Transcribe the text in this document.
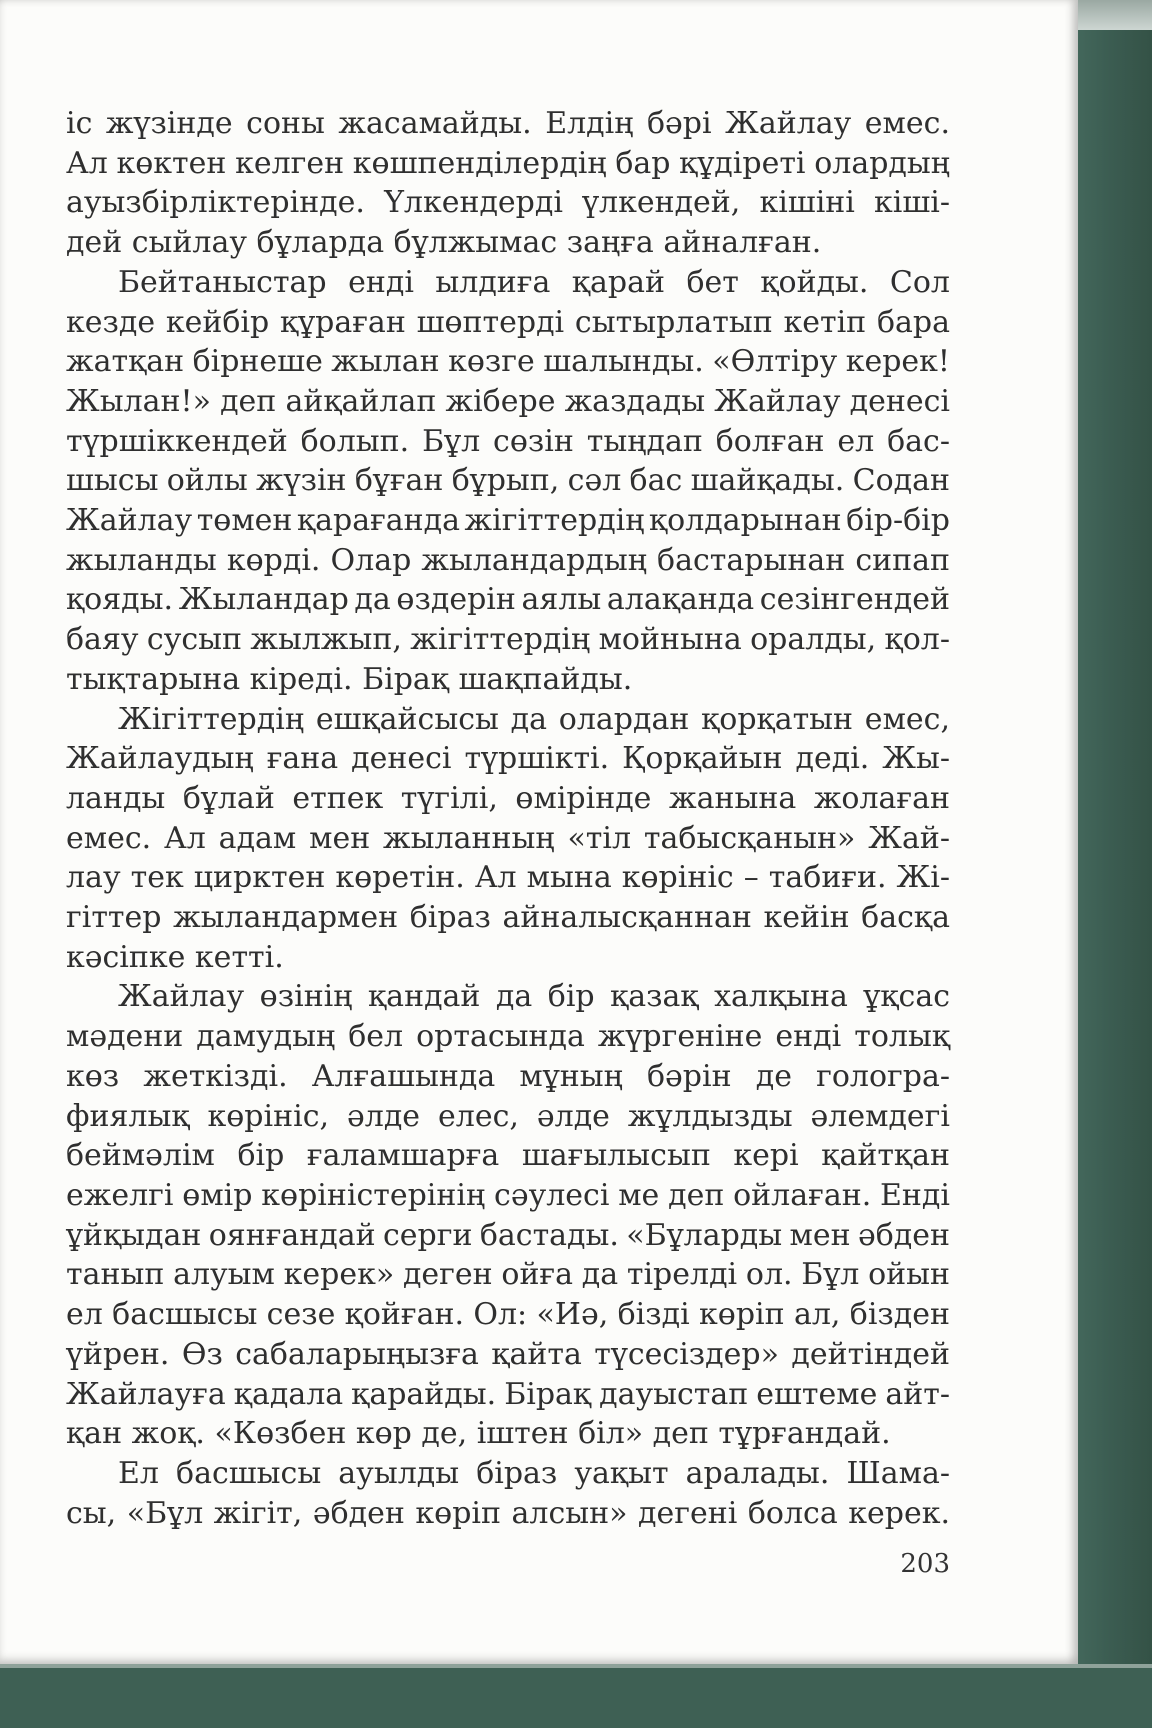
іс жүзінде соны жасамайды. Елдің бәрі Жайлау емес.

Ал көктен келген көшпенділердің бар құдіреті олардың

ауызбірліктерінде. Үлкендерді үлкендей, кішіні кіші-

дей сыйлау бұларда бұлжымас заңға айналған.

Бейтаныстар енді ылдиға қарай бет қойды. Сол

кезде кейбір құраған шөптерді сытырлатып кетіп бара

жатқан бірнеше жылан көзге шалынды. «Өлтіру керек!

Жылан!» деп айқайлап жібере жаздады Жайлау денесі

түршіккендей болып. Бұл сөзін тыңдап болған ел бас-

шысы ойлы жүзін бұған бұрып, сәл бас шайқады. Содан

Жайлау төмен қарағанда жігіттердің қолдарынан бір-бір

жыланды көрді. Олар жыландардың бастарынан сипап

қояды. Жыландар да өздерін аялы алақанда сезінгендей

баяу сусып жылжып, жігіттердің мойнына оралды, қол-

тықтарына кіреді. Бірақ шақпайды.

Жігіттердің ешқайсысы да олардан қорқатын емес,

Жайлаудың ғана денесі түршікті. Қорқайын деді. Жы-

ланды бұлай етпек түгілі, өмірінде жанына жолаған

емес. Ал адам мен жыланның «тіл табысқанын» Жай-

лау тек цирктен көретін. Ал мына көрініс – табиғи. Жі-

гіттер жыландармен біраз айналысқаннан кейін басқа

кәсіпке кетті.

Жайлау өзінің қандай да бір қазақ халқына ұқсас

мәдени дамудың бел ортасында жүргеніне енді толық

көз жеткізді. Алғашында мұның бәрін де гологра-

фиялық көрініс, әлде елес, әлде жұлдызды әлемдегі

беймәлім бір ғаламшарға шағылысып кері қайтқан

ежелгі өмір көріністерінің сәулесі ме деп ойлаған. Енді

ұйқыдан оянғандай серги бастады. «Бұларды мен әбден

танып алуым керек» деген ойға да тірелді ол. Бұл ойын

ел басшысы сезе қойған. Ол: «Иә, бізді көріп ал, бізден

үйрен. Өз сабаларыңызға қайта түсесіздер» дейтіндей

Жайлауға қадала қарайды. Бірақ дауыстап ештеме айт-

қан жоқ. «Көзбен көр де, іштен біл» деп тұрғандай.

Ел басшысы ауылды біраз уақыт аралады. Шама-

сы, «Бұл жігіт, әбден көріп алсын» дегені болса керек.

203
